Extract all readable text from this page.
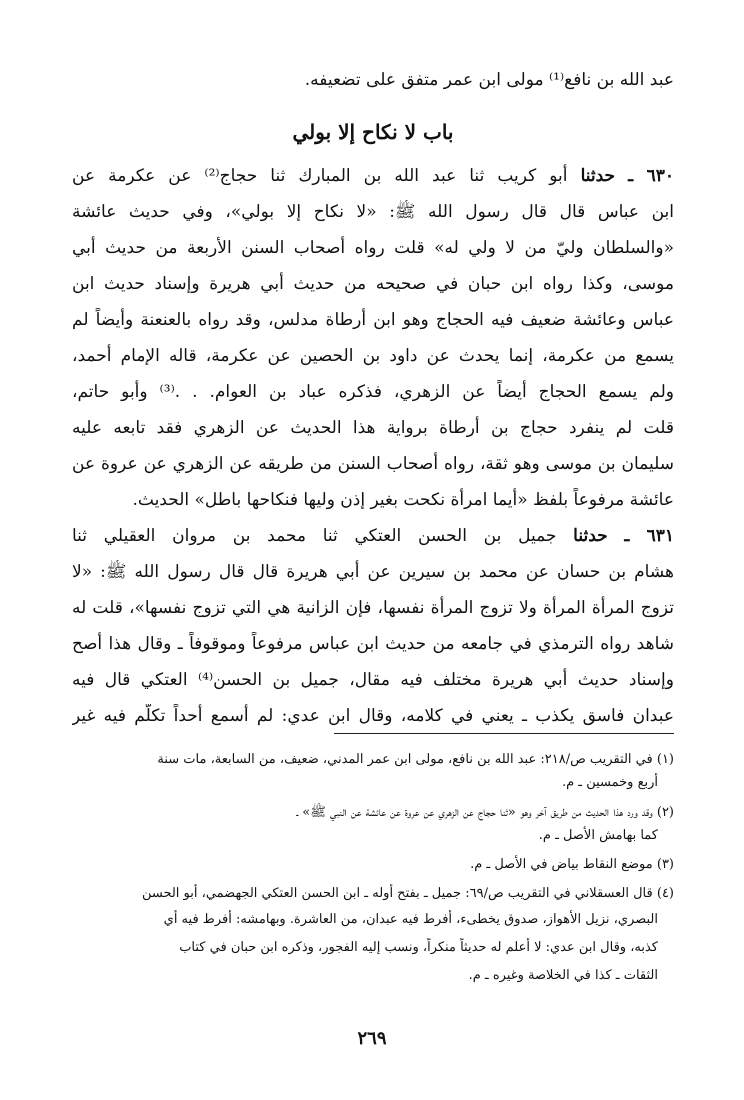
عبد الله بن نافع⁽¹⁾ مولى ابن عمر متفق على تضعيفه.
باب لا نكاح إلا بولي
٦٣٠ ـ حدثنا أبو كريب ثنا عبد الله بن المبارك ثنا حجاج⁽²⁾ عن عكرمة عن
ابن عباس قال قال رسول الله ﷺ: «لا نكاح إلا بولي»، وفي حديث عائشة
«والسلطان وليّ من لا ولي له» قلت رواه أصحاب السنن الأربعة من حديث أبي
موسى، وكذا رواه ابن حبان في صحيحه من حديث أبي هريرة وإسناد حديث ابن
عباس وعائشة ضعيف فيه الحجاج وهو ابن أرطاة مدلس، وقد رواه بالعنعنة وأيضاً لم
يسمع من عكرمة، إنما يحدث عن داود بن الحصين عن عكرمة، قاله الإمام أحمد،
ولم يسمع الحجاج أيضاً عن الزهري، فذكره عباد بن العوام. . .⁽³⁾ وأبو حاتم،
قلت لم ينفرد حجاج بن أرطاة برواية هذا الحديث عن الزهري فقد تابعه عليه
سليمان بن موسى وهو ثقة، رواه أصحاب السنن من طريقه عن الزهري عن عروة عن
عائشة مرفوعاً بلفظ «أيما امرأة نكحت بغير إذن وليها فنكاحها باطل» الحديث.
٦٣١ ـ حدثنا جميل بن الحسن العتكي ثنا محمد بن مروان العقيلي ثنا
هشام بن حسان عن محمد بن سيرين عن أبي هريرة قال قال رسول الله ﷺ: «لا
تزوج المرأة المرأة ولا تزوج المرأة نفسها، فإن الزانية هي التي تزوج نفسها»، قلت له
شاهد رواه الترمذي في جامعه من حديث ابن عباس مرفوعاً وموقوفاً ـ وقال هذا أصح
وإسناد حديث أبي هريرة مختلف فيه مقال، جميل بن الحسن⁽⁴⁾ العتكي قال فيه
عبدان فاسق يكذب ـ يعني في كلامه، وقال ابن عدي: لم أسمع أحداً تكلّم فيه غير
(١) في التقريب ص/٢١٨: عبد الله بن نافع، مولى ابن عمر المدني، ضعيف، من السابعة، مات سنة
أربع وخمسين ـ م.
(٢) وقد ورد هذا الحديث من طريق آخر وهو «ثنا حجاج عن الزهري عن عروة عن عائشة عن النبي ﷺ» ـ
كما بهامش الأصل ـ م.
(٣) موضع النقاط بياض في الأصل ـ م.
(٤) قال العسقلاني في التقريب ص/٦٩: جميل ـ بفتح أوله ـ ابن الحسن العتكي الجهضمي، أبو الحسن
البصري، نزيل الأهواز، صدوق يخطىء، أفرط فيه عبدان، من العاشرة. وبهامشه: أفرط فيه أي
كذبه، وقال ابن عدي: لا أعلم له حديثاً منكراً، ونسب إليه الفجور، وذكره ابن حبان في كتاب
الثقات ـ كذا في الخلاصة وغيره ـ م.
٢٦٩
